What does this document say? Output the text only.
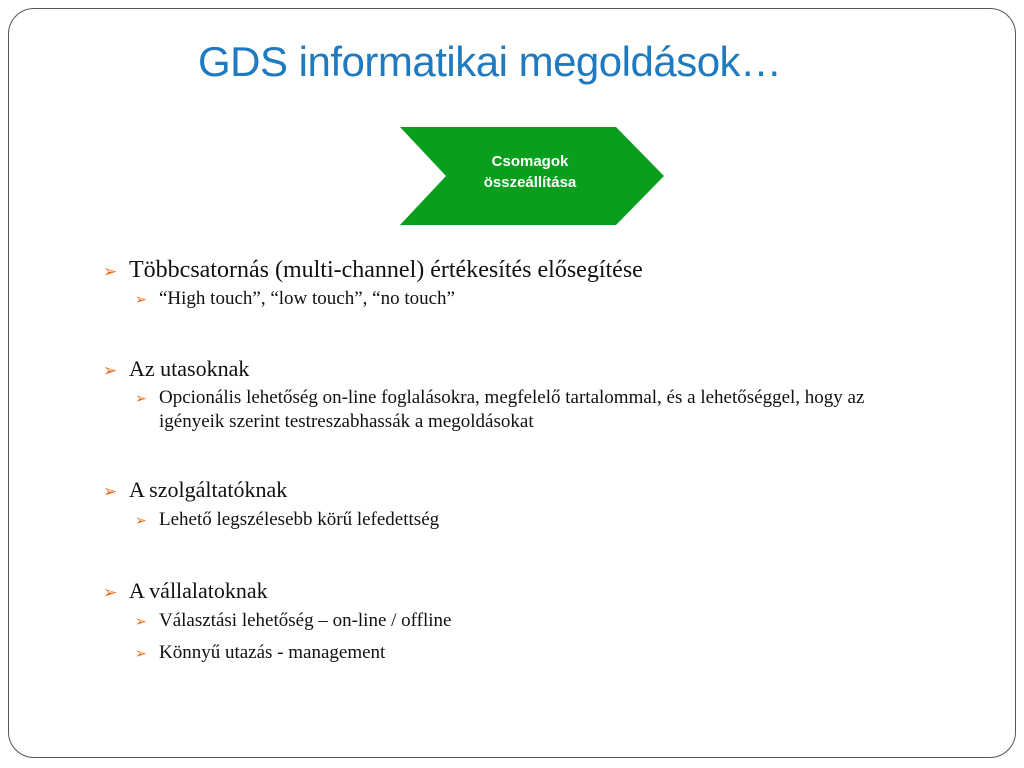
GDS informatikai megoldások…
Csomagok összeállítása
➢ Többcsatornás (multi-channel) értékesítés elősegítése
➢ “High touch”, “low touch”, “no touch”
➢ Az utasoknak
➢ Opcionális lehetőség on-line foglalásokra, megfelelő tartalommal, és a lehetőséggel, hogy az igényeik szerint testreszabhassák a megoldásokat
➢ A szolgáltatóknak
➢ Lehető legszélesebb körű lefedettség
➢ A vállalatoknak
➢ Választási lehetőség – on-line / offline
➢ Könnyű utazás - management
